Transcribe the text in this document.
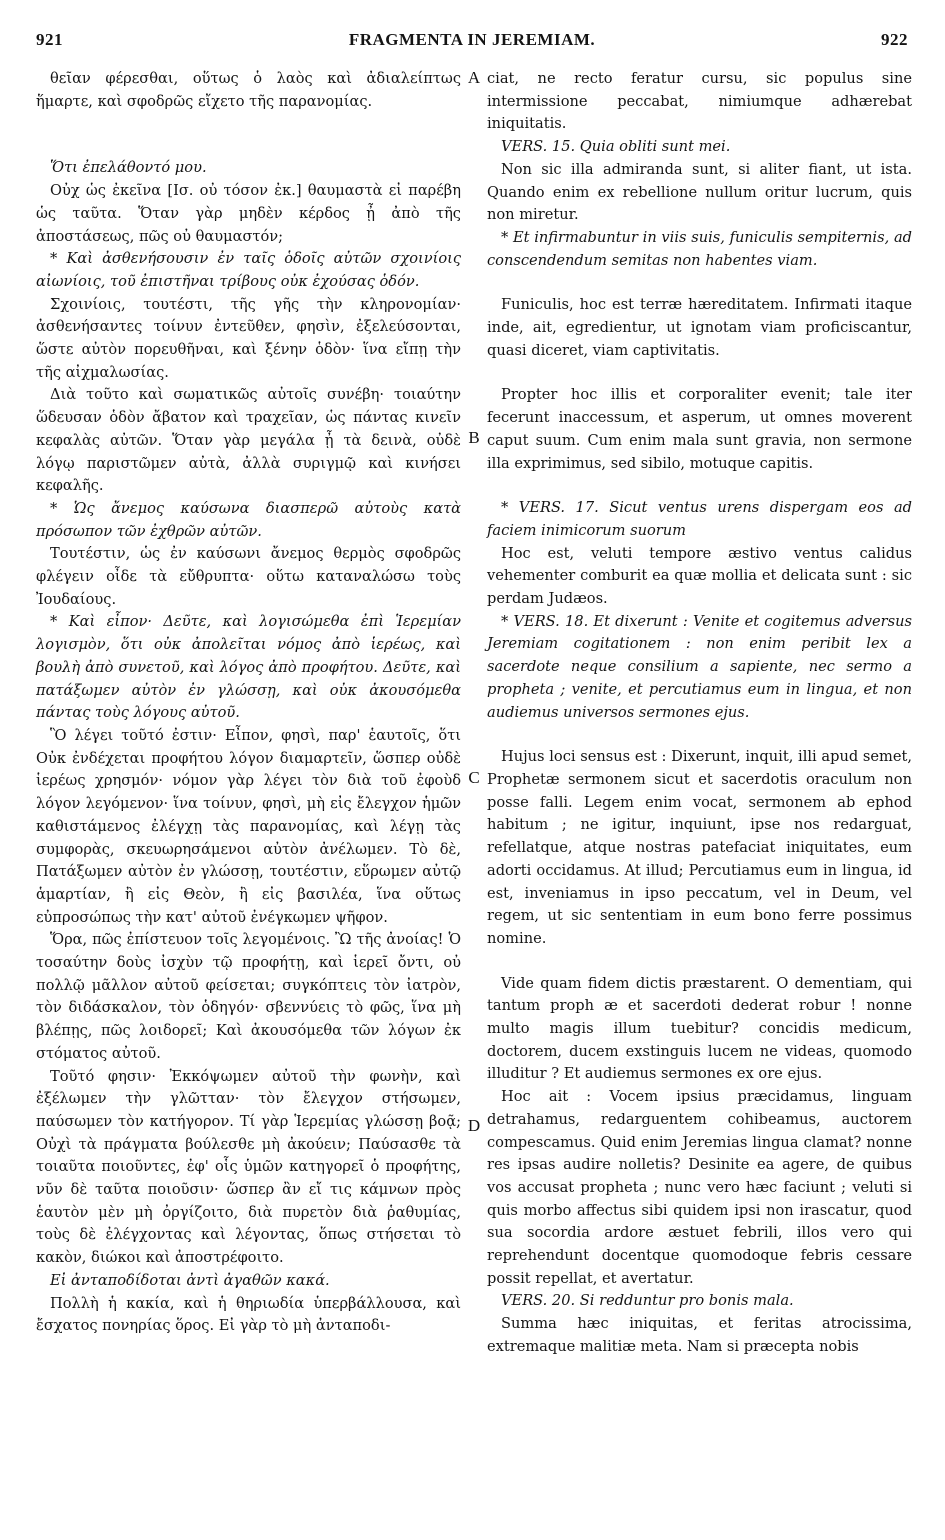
921	FRAGMENTA IN JEREMIAM.	922
A
B
C
D

θεῖαν φέρεσθαι, οὕτως ὁ λαὸς καὶ ἀδιαλείπτως ἥμαρτε, καὶ σφοδρῶς εἴχετο τῆς παρανομίας.

Ὅτι ἐπελάθοντό μου.

Οὐχ ὡς ἐκεῖνα [Ισ. οὐ τόσον ἐκ.] θαυμαστὰ εἰ παρέβη ὡς ταῦτα. Ὅταν γὰρ μηδὲν κέρδος ᾖ ἀπὸ τῆς ἀποστάσεως, πῶς οὐ θαυμαστόν;

* Καὶ ἀσθενήσουσιν ἐν ταῖς ὁδοῖς αὐτῶν σχοινίοις αἰωνίοις, τοῦ ἐπιστῆναι τρίβους οὐκ ἐχούσας ὁδόν.

Σχοινίοις, τουτέστι, τῆς γῆς τὴν κληρονομίαν· ἀσθενήσαντες τοίνυν ἐντεῦθεν, φησὶν, ἐξελεύσονται, ὥστε αὐτὸν πορευθῆναι, καὶ ξένην ὁδὸν· ἵνα εἴπῃ τὴν τῆς αἰχμαλωσίας.

Διὰ τοῦτο καὶ σωματικῶς αὐτοῖς συνέβη· τοιαύτην ὥδευσαν ὁδὸν ἄβατον καὶ τραχεῖαν, ὡς πάντας κινεῖν κεφαλὰς αὐτῶν. Ὅταν γὰρ μεγάλα ᾖ τὰ δεινὰ, οὐδὲ λόγῳ παριστῶμεν αὐτὰ, ἀλλὰ συριγμῷ καὶ κινήσει κεφαλῆς.

* Ὡς ἄνεμος καύσωνα διασπερῶ αὐτοὺς κατὰ πρόσωπον τῶν ἐχθρῶν αὐτῶν.

Τουτέστιν, ὡς ἐν καύσωνι ἄνεμος θερμὸς σφοδρῶς φλέγειν οἶδε τὰ εὔθρυπτα· οὕτω καταναλώσω τοὺς Ἰουδαίους.

* Καὶ εἶπον· Δεῦτε, καὶ λογισώμεθα ἐπὶ Ἱερεμίαν λογισμὸν, ὅτι οὐκ ἀπολεῖται νόμος ἀπὸ ἱερέως, καὶ βουλὴ ἀπὸ συνετοῦ, καὶ λόγος ἀπὸ προφήτου. Δεῦτε, καὶ πατάξωμεν αὐτὸν ἐν γλώσσῃ, καὶ οὐκ ἀκουσόμεθα πάντας τοὺς λόγους αὐτοῦ.

Ὃ λέγει τοῦτό ἐστιν· Εἶπον, φησὶ, παρ' ἑαυτοῖς, ὅτι Οὐκ ἐνδέχεται προφήτου λόγον διαμαρτεῖν, ὥσπερ οὐδὲ ἱερέως χρησμόν· νόμον γὰρ λέγει τὸν διὰ τοῦ ἐφοὺδ λόγον λεγόμενον· ἵνα τοίνυν, φησὶ, μὴ εἰς ἔλεγχον ἡμῶν καθιστάμενος ἐλέγχῃ τὰς παρανομίας, καὶ λέγῃ τὰς συμφορὰς, σκευωρησάμενοι αὐτὸν ἀνέλωμεν. Τὸ δὲ, Πατάξωμεν αὐτὸν ἐν γλώσσῃ, τουτέστιν, εὕρωμεν αὐτῷ ἁμαρτίαν, ἢ εἰς Θεὸν, ἢ εἰς βασιλέα, ἵνα οὕτως εὐπροσώπως τὴν κατ' αὐτοῦ ἐνέγκωμεν ψῆφον.

Ὅρα, πῶς ἐπίστευον τοῖς λεγομένοις. Ὢ τῆς ἀνοίας! Ὁ τοσαύτην δοὺς ἰσχὺν τῷ προφήτῃ, καὶ ἱερεῖ ὄντι, οὐ πολλῷ μᾶλλον αὐτοῦ φείσεται; συγκόπτεις τὸν ἰατρὸν, τὸν διδάσκαλον, τὸν ὁδηγόν· σβεννύεις τὸ φῶς, ἵνα μὴ βλέπῃς, πῶς λοιδορεῖ; Καὶ ἀκουσόμεθα τῶν λόγων ἐκ στόματος αὐτοῦ.

Τοῦτό φησιν· Ἐκκόψωμεν αὐτοῦ τὴν φωνὴν, καὶ ἐξέλωμεν τὴν γλῶτταν· τὸν ἔλεγχον στήσωμεν, παύσωμεν τὸν κατήγορον. Τί γὰρ Ἱερεμίας γλώσσῃ βοᾷ; Οὐχὶ τὰ πράγματα βούλεσθε μὴ ἀκούειν; Παύσασθε τὰ τοιαῦτα ποιοῦντες, ἐφ' οἷς ὑμῶν κατηγορεῖ ὁ προφήτης, νῦν δὲ ταῦτα ποιοῦσιν· ὥσπερ ἂν εἴ τις κάμνων πρὸς ἑαυτὸν μὲν μὴ ὀργίζοιτο, διὰ πυρετὸν διὰ ῥαθυμίας, τοὺς δὲ ἐλέγχοντας καὶ λέγοντας, ὅπως στήσεται τὸ κακὸν, διώκοι καὶ ἀποστρέφοιτο.

Εἰ ἀνταποδίδοται ἀντὶ ἀγαθῶν κακά.

Πολλὴ ἡ κακία, καὶ ἡ θηριωδία ὑπερβάλλουσα, καὶ ἔσχατος πονηρίας ὅρος. Εἰ γὰρ τὸ μὴ ἀνταποδι-

ciat, ne recto feratur cursu, sic populus sine intermissione peccabat, nimiumque adhærebat iniquitatis.

VERS. 15. Quia obliti sunt mei.

Non sic illa admiranda sunt, si aliter fiant, ut ista. Quando enim ex rebellione nullum oritur lucrum, quis non miretur.

* Et infirmabuntur in viis suis, funiculis sempiternis, ad conscendendum semitas non habentes viam.

Funiculis, hoc est terræ hæreditatem. Infirmati itaque inde, ait, egredientur, ut ignotam viam proficiscantur, quasi diceret, viam captivitatis.

Propter hoc illis et corporaliter evenit; tale iter fecerunt inaccessum, et asperum, ut omnes moverent caput suum. Cum enim mala sunt gravia, non sermone illa exprimimus, sed sibilo, motuque capitis.

* VERS. 17. Sicut ventus urens dispergam eos ad faciem inimicorum suorum

Hoc est, veluti tempore æstivo ventus calidus vehementer comburit ea quæ mollia et delicata sunt : sic perdam Judæos.

* VERS. 18. Et dixerunt : Venite et cogitemus adversus Jeremiam cogitationem : non enim peribit lex a sacerdote neque consilium a sapiente, nec sermo a propheta ; venite, et percutiamus eum in lingua, et non audiemus universos sermones ejus.

Hujus loci sensus est : Dixerunt, inquit, illi apud semet, Prophetæ sermonem sicut et sacerdotis oraculum non posse falli. Legem enim vocat, sermonem ab ephod habitum ; ne igitur, inquiunt, ipse nos redarguat, refellatque, atque nostras patefaciat iniquitates, eum adorti occidamus. At illud; Percutiamus eum in lingua, id est, inveniamus in ipso peccatum, vel in Deum, vel regem, ut sic sententiam in eum bono ferre possimus nomine.

Vide quam fidem dictis præstarent. O dementiam, qui tantum proph æ et sacerdoti dederat robur ! nonne multo magis illum tuebitur? concidis medicum, doctorem, ducem exstinguis lucem ne videas, quomodo illuditur ? Et audiemus sermones ex ore ejus.

Hoc ait : Vocem ipsius præcidamus, linguam detrahamus, redarguentem cohibeamus, auctorem compescamus. Quid enim Jeremias lingua clamat? nonne res ipsas audire nolletis? Desinite ea agere, de quibus vos accusat propheta ; nunc vero hæc faciunt ; veluti si quis morbo affectus sibi quidem ipsi non irascatur, quod sua socordia ardore æstuet febrili, illos vero qui reprehendunt docentque quomodoque febris cessare possit repellat, et avertatur.

VERS. 20. Si redduntur pro bonis mala.

Summa hæc iniquitas, et feritas atrocissima, extremaque malitiæ meta. Nam si præcepta nobis
